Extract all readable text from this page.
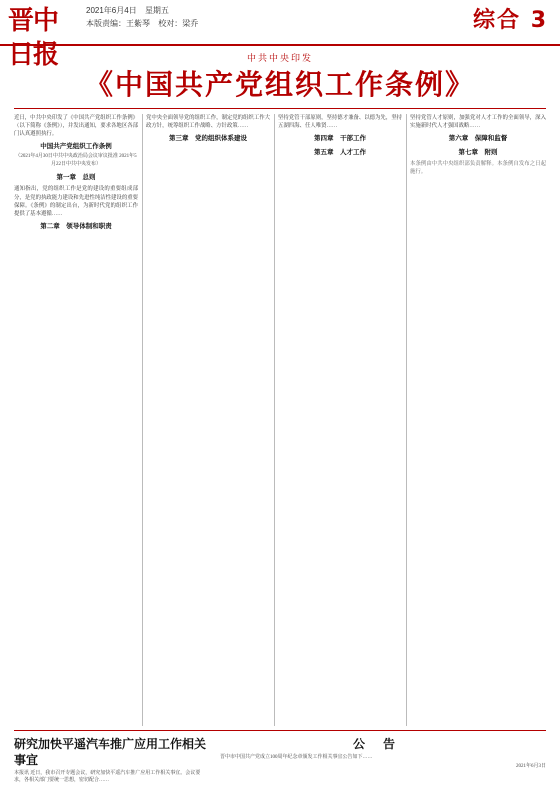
晋中日报
2021年6月4日 星期五
本版责编：王紫琴 校对：梁乔	综合 3
中共中央印发
《中国共产党组织工作条例》
近日，中共中央印发了《中国共产党组织工作条例》（以下简称《条例》），并发出通知，要求各地区各部门认真遵照执行。
中国共产党组织工作条例
（2021年4月30日中共中央政治局会议审议批准 2021年5月22日中共中央发布）
第一章　总则
通知指出，党的组织工作是党的建设的重要组成部分，是党的执政能力建设和先进性纯洁性建设的重要保障。《条例》的制定出台，为新时代党的组织工作提供了基本遵循……
第二章　领导体制和职责
党中央全面领导党的组织工作，制定党的组织工作大政方针，统筹组织工作战略、方针政策……
第三章　党的组织体系建设
坚持党管干部原则，坚持德才兼备、以德为先，坚持五湖四海、任人唯贤……
第四章　干部工作
第五章　人才工作
坚持党管人才原则，加强党对人才工作的全面领导，深入实施新时代人才强国战略……
第六章　保障和监督
第七章　附则
本条例由中共中央组织部负责解释。本条例自发布之日起施行。
研究加快平遥汽车推广应用工作相关事宜
本报讯 近日，我市召开专题会议，研究加快平遥汽车推广应用工作相关事宜。会议要求，各相关部门要统一思想，密切配合……
公告
晋中市中国共产党成立100周年纪念章颁发工作相关事宜公告如下……
2021年6月3日
